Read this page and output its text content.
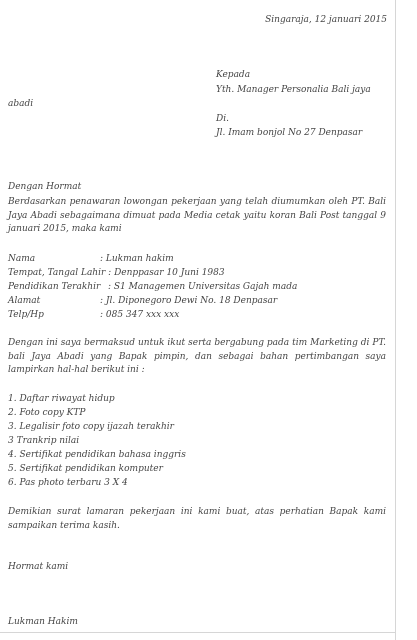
Singaraja, 12 januari 2015
Kepada
Yth. Manager Personalia Bali jaya
abadi
Di.
Jl. Imam bonjol No 27 Denpasar
Dengan Hormat
Berdasarkan penawaran lowongan pekerjaan yang telah diumumkan oleh PT. Bali Jaya Abadi sebagaimana dimuat pada Media cetak yaitu koran Bali Post tanggal 9 januari 2015, maka kami
Nama	: Lukman hakim
Tempat, Tangal Lahir : Denppasar 10 Juni 1983
Pendidikan Terakhir : S1 Managemen Universitas Gajah mada
Alamat	: Jl. Diponegoro Dewi No. 18 Denpasar
Telp/Hp	: 085 347 xxx xxx
Dengan ini saya bermaksud untuk ikut serta bergabung pada tim Marketing di PT. bali Jaya Abadi yang Bapak pimpin, dan sebagai bahan pertimbangan saya lampirkan hal-hal berikut ini :
1. Daftar riwayat hidup
2. Foto copy KTP
3. Legalisir foto copy ijazah terakhir
3 Trankrip nilai
4. Sertifikat pendidikan bahasa inggris
5. Sertifikat pendidikan komputer
6. Pas photo terbaru 3 X 4
Demikian surat lamaran pekerjaan ini kami buat, atas perhatian Bapak kami sampaikan terima kasih.
Hormat kami
Lukman Hakim
